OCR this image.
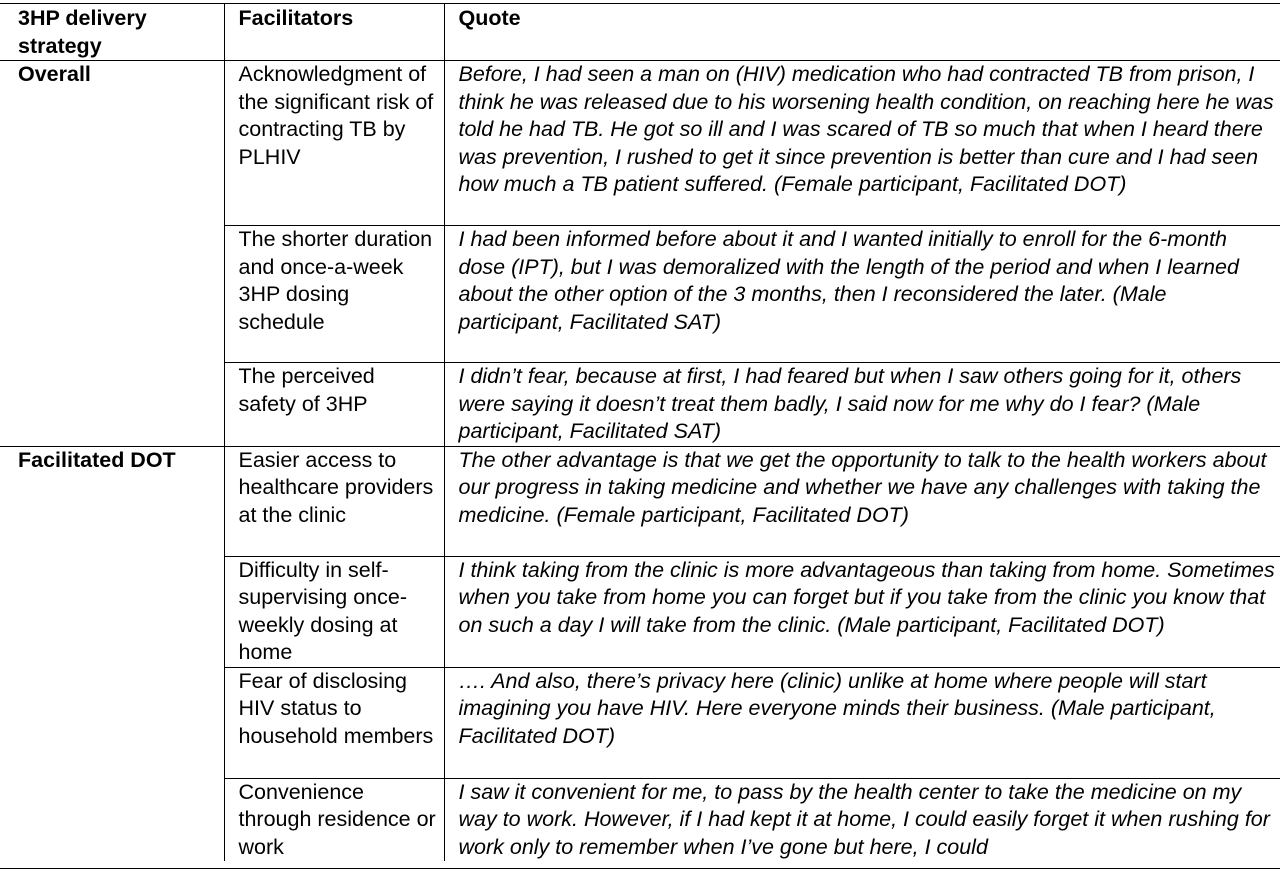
3HP delivery strategy	Facilitators	Quote
Overall	Acknowledgment of the significant risk of contracting TB by PLHIV	Before, I had seen a man on (HIV) medication who had contracted TB from prison, I think he was released due to his worsening health condition, on reaching here he was told he had TB. He got so ill and I was scared of TB so much that when I heard there was prevention, I rushed to get it since prevention is better than cure and I had seen how much a TB patient suffered. (Female participant, Facilitated DOT)
	The shorter duration and once-a-week 3HP dosing schedule	I had been informed before about it and I wanted initially to enroll for the 6-month dose (IPT), but I was demoralized with the length of the period and when I learned about the other option of the 3 months, then I reconsidered the later. (Male participant, Facilitated SAT)
	The perceived safety of 3HP	I didn’t fear, because at first, I had feared but when I saw others going for it, others were saying it doesn’t treat them badly, I said now for me why do I fear? (Male participant, Facilitated SAT)
Facilitated DOT	Easier access to healthcare providers at the clinic	The other advantage is that we get the opportunity to talk to the health workers about our progress in taking medicine and whether we have any challenges with taking the medicine. (Female participant, Facilitated DOT)
	Difficulty in self-supervising once-weekly dosing at home	I think taking from the clinic is more advantageous than taking from home. Sometimes when you take from home you can forget but if you take from the clinic you know that on such a day I will take from the clinic. (Male participant, Facilitated DOT)
	Fear of disclosing HIV status to household members	…. And also, there’s privacy here (clinic) unlike at home where people will start imagining you have HIV. Here everyone minds their business. (Male participant, Facilitated DOT)
	Convenience through residence or work	I saw it convenient for me, to pass by the health center to take the medicine on my way to work. However, if I had kept it at home, I could easily forget it when rushing for work only to remember when I’ve gone but here, I could
